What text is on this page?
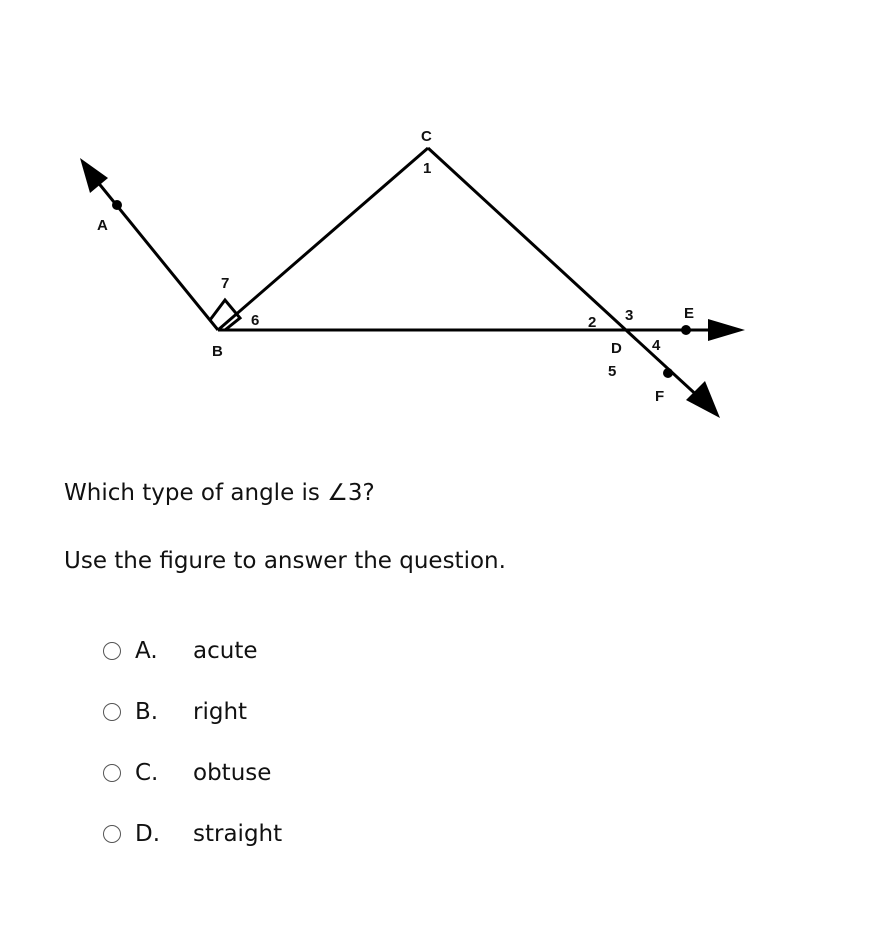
A
B
C
D
E
F
1
2 3
4
5
6
7

Which type of angle is ∠3?

Use the figure to answer the question.

A.	acute
B.	right
C.	obtuse
D.	straight
